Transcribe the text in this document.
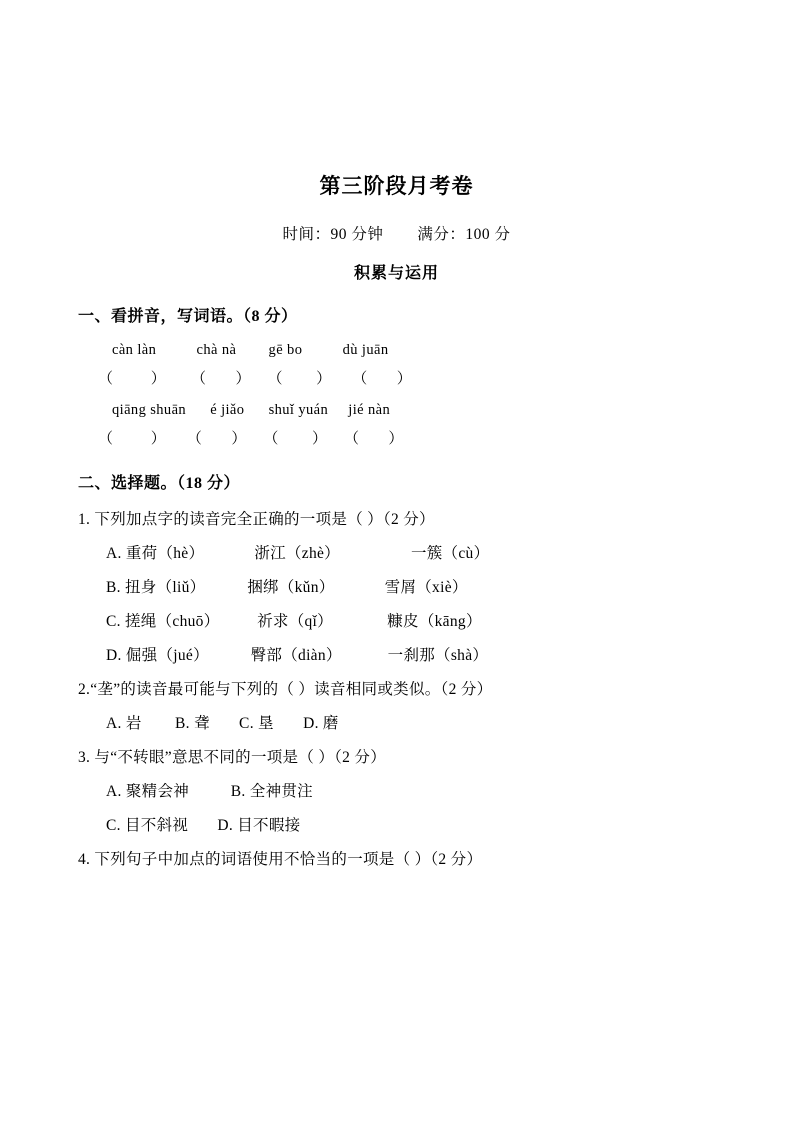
第三阶段月考卷
时间：90 分钟 满分：100 分
积累与运用
一、看拼音，写词语。（8 分）
càn làn          chà nà        gē bo          dù juān
（         ）      （       ）    （        ）     （       ）
qiāng shuān      é jiǎo      shuǐ yuán     jié nàn
（         ）     （       ）    （        ）    （       ）
二、选择题。（18 分）
1. 下列加点字的读音完全正确的一项是（ ）（2 分）
A. 重荷（hè）            浙江（zhè）                 一簇（cù）
B. 扭身（liǔ）          捆绑（kǔn）            雪屑（xiè）
C. 搓绳（chuō）         祈求（qǐ）             糠皮（kāng）
D. 倔强（jué）          臀部（diàn）           一刹那（shà）
2.“垄”的读音最可能与下列的（ ）读音相同或类似。（2 分）
A. 岩        B. 聋       C. 垦       D. 磨
3. 与“不转眼”意思不同的一项是（ ）（2 分）
A. 聚精会神          B. 全神贯注
C. 目不斜视       D. 目不暇接
4. 下列句子中加点的词语使用不恰当的一项是（ ）（2 分）
